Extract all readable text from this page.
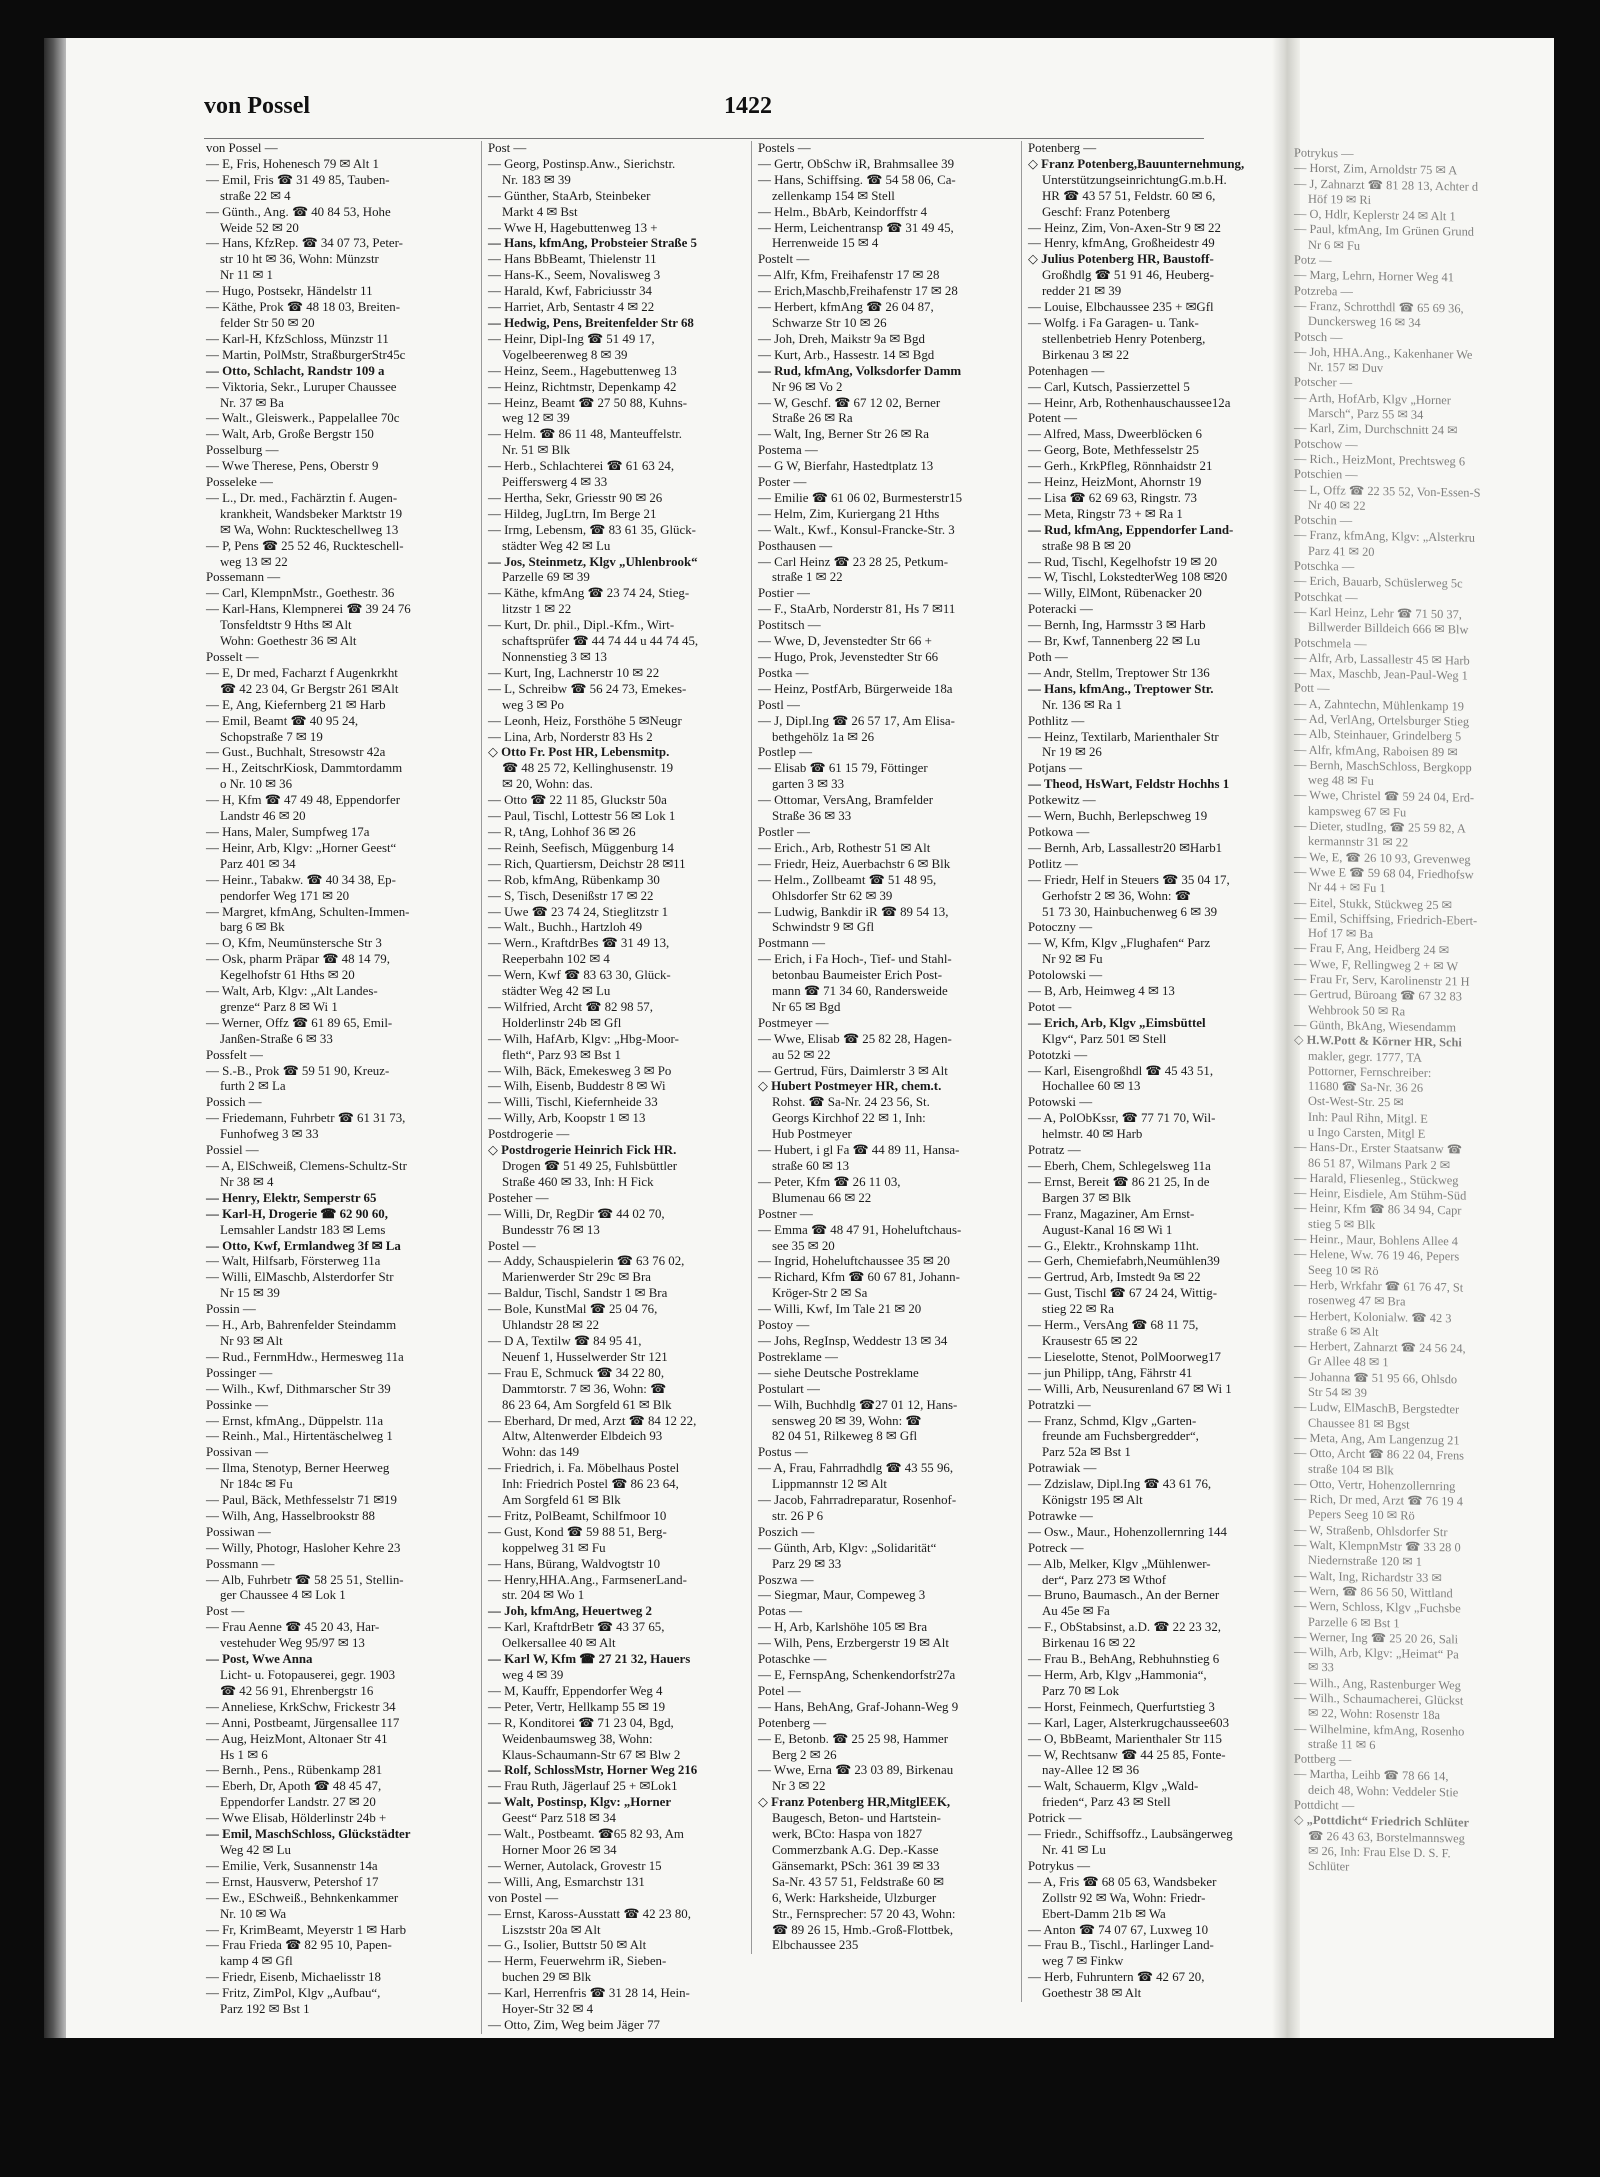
von Possel	1422
von Possel —
— E, Fris, Hohenesch 79 ✉ Alt 1
— Emil, Fris ☎ 31 49 85, Tauben-
straße 22 ✉ 4
— Günth., Ang. ☎ 40 84 53, Hohe
Weide 52 ✉ 20
— Hans, KfzRep. ☎ 34 07 73, Peter-
str 10 ht ✉ 36, Wohn: Münzstr
Nr 11 ✉ 1
— Hugo, Postsekr, Händelstr 11
— Käthe, Prok ☎ 48 18 03, Breiten-
felder Str 50 ✉ 20
— Karl-H, KfzSchloss, Münzstr 11
— Martin, PolMstr, StraßburgerStr45c
— Otto, Schlacht, Randstr 109 a
— Viktoria, Sekr., Luruper Chaussee
Nr. 37 ✉ Ba
— Walt., Gleiswerk., Pappelallee 70c
— Walt, Arb, Große Bergstr 150
Posselburg —
— Wwe Therese, Pens, Oberstr 9
Posseleke —
— L., Dr. med., Fachärztin f. Augen-
krankheit, Wandsbeker Marktstr 19
✉ Wa, Wohn: Ruckteschellweg 13
— P, Pens ☎ 25 52 46, Ruckteschell-
weg 13 ✉ 22
Possemann —
— Carl, KlempnMstr., Goethestr. 36
— Karl-Hans, Klempnerei ☎ 39 24 76
Tonsfeldtstr 9 Hths ✉ Alt
Wohn: Goethestr 36 ✉ Alt
Posselt —
— E, Dr med, Facharzt f Augenkrkht
☎ 42 23 04, Gr Bergstr 261 ✉Alt
— E, Ang, Kiefernberg 21 ✉ Harb
— Emil, Beamt ☎ 40 95 24,
Schopstraße 7 ✉ 19
— Gust., Buchhalt, Stresowstr 42a
— H., ZeitschrKiosk, Dammtordamm
o Nr. 10 ✉ 36
— H, Kfm ☎ 47 49 48, Eppendorfer
Landstr 46 ✉ 20
— Hans, Maler, Sumpfweg 17a
— Heinr, Arb, Klgv: „Horner Geest“
Parz 401 ✉ 34
— Heinr., Tabakw. ☎ 40 34 38, Ep-
pendorfer Weg 171 ✉ 20
— Margret, kfmAng, Schulten-Immen-
barg 6 ✉ Bk
— O, Kfm, Neumünstersche Str 3
— Osk, pharm Präpar ☎ 48 14 79,
Kegelhofstr 61 Hths ✉ 20
— Walt, Arb, Klgv: „Alt Landes-
grenze“ Parz 8 ✉ Wi 1
— Werner, Offz ☎ 61 89 65, Emil-
Janßen-Straße 6 ✉ 33
Possfelt —
— S.-B., Prok ☎ 59 51 90, Kreuz-
furth 2 ✉ La
Possich —
— Friedemann, Fuhrbetr ☎ 61 31 73,
Funhofweg 3 ✉ 33
Possiel —
— A, ElSchweiß, Clemens-Schultz-Str
Nr 38 ✉ 4
— Henry, Elektr, Semperstr 65
— Karl-H, Drogerie ☎ 62 90 60,
Lemsahler Landstr 183 ✉ Lems
— Otto, Kwf, Ermlandweg 3f ✉ La
— Walt, Hilfsarb, Försterweg 11a
— Willi, ElMaschb, Alsterdorfer Str
Nr 15 ✉ 39
Possin —
— H., Arb, Bahrenfelder Steindamm
Nr 93 ✉ Alt
— Rud., FernmHdw., Hermesweg 11a
Possinger —
— Wilh., Kwf, Dithmarscher Str 39
Possinke —
— Ernst, kfmAng., Düppelstr. 11a
— Reinh., Mal., Hirtentäschelweg 1
Possivan —
— Ilma, Stenotyp, Berner Heerweg
Nr 184c ✉ Fu
— Paul, Bäck, Methfesselstr 71 ✉19
— Wilh, Ang, Hasselbrookstr 88
Possiwan —
— Willy, Photogr, Hasloher Kehre 23
Possmann —
— Alb, Fuhrbetr ☎ 58 25 51, Stellin-
ger Chaussee 4 ✉ Lok 1
Post —
— Frau Aenne ☎ 45 20 43, Har-
vestehuder Weg 95/97 ✉ 13
— Post, Wwe Anna
Licht- u. Fotopauserei, gegr. 1903
☎ 42 56 91, Ehrenbergstr 16
— Anneliese, KrkSchw, Frickestr 34
— Anni, Postbeamt, Jürgensallee 117
— Aug, HeizMont, Altonaer Str 41
Hs 1 ✉ 6
— Bernh., Pens., Rübenkamp 281
— Eberh, Dr, Apoth ☎ 48 45 47,
Eppendorfer Landstr. 27 ✉ 20
— Wwe Elisab, Hölderlinstr 24b +
— Emil, MaschSchloss, Glückstädter
Weg 42 ✉ Lu
— Emilie, Verk, Susannenstr 14a
— Ernst, Hausverw, Petershof 17
— Ew., ESchweiß., Behnkenkammer
Nr. 10 ✉ Wa
— Fr, KrimBeamt, Meyerstr 1 ✉ Harb
— Frau Frieda ☎ 82 95 10, Papen-
kamp 4 ✉ Gfl
— Friedr, Eisenb, Michaelisstr 18
— Fritz, ZimPol, Klgv „Aufbau“,
Parz 192 ✉ Bst 1
Post —
— Georg, Postinsp.Anw., Sierichstr.
Nr. 183 ✉ 39
— Günther, StaArb, Steinbeker
Markt 4 ✉ Bst
— Wwe H, Hagebuttenweg 13 +
— Hans, kfmAng, Probsteier Straße 5
— Hans BbBeamt, Thielenstr 11
— Hans-K., Seem, Novalisweg 3
— Harald, Kwf, Fabriciusstr 34
— Harriet, Arb, Sentastr 4 ✉ 22
— Hedwig, Pens, Breitenfelder Str 68
— Heinr, Dipl-Ing ☎ 51 49 17,
Vogelbeerenweg 8 ✉ 39
— Heinz, Seem., Hagebuttenweg 13
— Heinz, Richtmstr, Depenkamp 42
— Heinz, Beamt ☎ 27 50 88, Kuhns-
weg 12 ✉ 39
— Helm. ☎ 86 11 48, Manteuffelstr.
Nr. 51 ✉ Blk
— Herb., Schlachterei ☎ 61 63 24,
Peifferswerg 4 ✉ 33
— Hertha, Sekr, Griesstr 90 ✉ 26
— Hildeg, JugLtrn, Im Berge 21
— Irmg, Lebensm, ☎ 83 61 35, Glück-
städter Weg 42 ✉ Lu
— Jos, Steinmetz, Klgv „Uhlenbrook“
Parzelle 69 ✉ 39
— Käthe, kfmAng ☎ 23 74 24, Stieg-
litzstr 1 ✉ 22
— Kurt, Dr. phil., Dipl.-Kfm., Wirt-
schaftsprüfer ☎ 44 74 44 u 44 74 45,
Nonnenstieg 3 ✉ 13
— Kurt, Ing, Lachnerstr 10 ✉ 22
— L, Schreibw ☎ 56 24 73, Emekes-
weg 3 ✉ Po
— Leonh, Heiz, Forsthöhe 5 ✉Neugr
— Lina, Arb, Norderstr 83 Hs 2
◇ Otto Fr. Post HR, Lebensmitp.
☎ 48 25 72, Kellinghusenstr. 19
✉ 20, Wohn: das.
— Otto ☎ 22 11 85, Gluckstr 50a
— Paul, Tischl, Lottestr 56 ✉ Lok 1
— R, tAng, Lohhof 36 ✉ 26
— Reinh, Seefisch, Müggenburg 14
— Rich, Quartiersm, Deichstr 28 ✉11
— Rob, kfmAng, Rübenkamp 30
— S, Tisch, Desenißstr 17 ✉ 22
— Uwe ☎ 23 74 24, Stieglitzstr 1
— Walt., Buchh., Hartzloh 49
— Wern., KraftdrBes ☎ 31 49 13,
Reeperbahn 102 ✉ 4
— Wern, Kwf ☎ 83 63 30, Glück-
städter Weg 42 ✉ Lu
— Wilfried, Archt ☎ 82 98 57,
Holderlinstr 24b ✉ Gfl
— Wilh, HafArb, Klgv: „Hbg-Moor-
fleth“, Parz 93 ✉ Bst 1
— Wilh, Bäck, Emekesweg 3 ✉ Po
— Wilh, Eisenb, Buddestr 8 ✉ Wi
— Willi, Tischl, Kiefernheide 33
— Willy, Arb, Koopstr 1 ✉ 13
Postdrogerie —
◇ Postdrogerie Heinrich Fick HR.
Drogen ☎ 51 49 25, Fuhlsbüttler
Straße 460 ✉ 33, Inh: H Fick
Posteher —
— Willi, Dr, RegDir ☎ 44 02 70,
Bundesstr 76 ✉ 13
Postel —
— Addy, Schauspielerin ☎ 63 76 02,
Marienwerder Str 29c ✉ Bra
— Baldur, Tischl, Sandstr 1 ✉ Bra
— Bole, KunstMal ☎ 25 04 76,
Uhlandstr 28 ✉ 22
— D A, Textilw ☎ 84 95 41,
Neuenf 1, Husselwerder Str 121
— Frau E, Schmuck ☎ 34 22 80,
Dammtorstr. 7 ✉ 36, Wohn: ☎
86 23 64, Am Sorgfeld 61 ✉ Blk
— Eberhard, Dr med, Arzt ☎ 84 12 22,
Altw, Altenwerder Elbdeich 93
Wohn: das 149
— Friedrich, i. Fa. Möbelhaus Postel
Inh: Friedrich Postel ☎ 86 23 64,
Am Sorgfeld 61 ✉ Blk
— Fritz, PolBeamt, Schilfmoor 10
— Gust, Kond ☎ 59 88 51, Berg-
koppelweg 31 ✉ Fu
— Hans, Bürang, Waldvogtstr 10
— Henry,HHA.Ang., FarmsenerLand-
str. 204 ✉ Wo 1
— Joh, kfmAng, Heuertweg 2
— Karl, KraftdrBetr ☎ 43 37 65,
Oelkersallee 40 ✉ Alt
— Karl W, Kfm ☎ 27 21 32, Hauers
weg 4 ✉ 39
— M, Kauffr, Eppendorfer Weg 4
— Peter, Vertr, Hellkamp 55 ✉ 19
— R, Konditorei ☎ 71 23 04, Bgd,
Weidenbaumsweg 38, Wohn:
Klaus-Schaumann-Str 67 ✉ Blw 2
— Rolf, SchlossMstr, Horner Weg 216
— Frau Ruth, Jägerlauf 25 + ✉Lok1
— Walt, Postinsp, Klgv: „Horner
Geest“ Parz 518 ✉ 34
— Walt., Postbeamt. ☎65 82 93, Am
Horner Moor 26 ✉ 34
— Werner, Autolack, Grovestr 15
— Willi, Ang, Esmarchstr 131
von Postel —
— Ernst, Kaross-Ausstatt ☎ 42 23 80,
Liszststr 20a ✉ Alt
— G., Isolier, Buttstr 50 ✉ Alt
— Herm, Feuerwehrm iR, Sieben-
buchen 29 ✉ Blk
— Karl, Herrenfris ☎ 31 28 14, Hein-
Hoyer-Str 32 ✉ 4
— Otto, Zim, Weg beim Jäger 77
Postels —
— Gertr, ObSchw iR, Brahmsallee 39
— Hans, Schiffsing. ☎ 54 58 06, Ca-
zellenkamp 154 ✉ Stell
— Helm., BbArb, Keindorffstr 4
— Herm, Leichentransp ☎ 31 49 45,
Herrenweide 15 ✉ 4
Postelt —
— Alfr, Kfm, Freihafenstr 17 ✉ 28
— Erich,Maschb,Freihafenstr 17 ✉ 28
— Herbert, kfmAng ☎ 26 04 87,
Schwarze Str 10 ✉ 26
— Joh, Dreh, Maikstr 9a ✉ Bgd
— Kurt, Arb., Hassestr. 14 ✉ Bgd
— Rud, kfmAng, Volksdorfer Damm
Nr 96 ✉ Vo 2
— W, Geschf. ☎ 67 12 02, Berner
Straße 26 ✉ Ra
— Walt, Ing, Berner Str 26 ✉ Ra
Postema —
— G W, Bierfahr, Hastedtplatz 13
Poster —
— Emilie ☎ 61 06 02, Burmesterstr15
— Helm, Zim, Kuriergang 21 Hths
— Walt., Kwf., Konsul-Francke-Str. 3
Posthausen —
— Carl Heinz ☎ 23 28 25, Petkum-
straße 1 ✉ 22
Postier —
— F., StaArb, Norderstr 81, Hs 7 ✉11
Postitsch —
— Wwe, D, Jevenstedter Str 66 +
— Hugo, Prok, Jevenstedter Str 66
Postka —
— Heinz, PostfArb, Bürgerweide 18a
Postl —
— J, Dipl.Ing ☎ 26 57 17, Am Elisa-
bethgehölz 1a ✉ 26
Postlep —
— Elisab ☎ 61 15 79, Föttinger
garten 3 ✉ 33
— Ottomar, VersAng, Bramfelder
Straße 36 ✉ 33
Postler —
— Erich., Arb, Rothestr 51 ✉ Alt
— Friedr, Heiz, Auerbachstr 6 ✉ Blk
— Helm., Zollbeamt ☎ 51 48 95,
Ohlsdorfer Str 62 ✉ 39
— Ludwig, Bankdir iR ☎ 89 54 13,
Schwindstr 9 ✉ Gfl
Postmann —
— Erich, i Fa Hoch-, Tief- und Stahl-
betonbau Baumeister Erich Post-
mann ☎ 71 34 60, Randersweide
Nr 65 ✉ Bgd
Postmeyer —
— Wwe, Elisab ☎ 25 82 28, Hagen-
au 52 ✉ 22
— Gertrud, Fürs, Daimlerstr 3 ✉ Alt
◇ Hubert Postmeyer HR, chem.t.
Rohst. ☎ Sa-Nr. 24 23 56, St.
Georgs Kirchhof 22 ✉ 1, Inh:
Hub Postmeyer
— Hubert, i gl Fa ☎ 44 89 11, Hansa-
straße 60 ✉ 13
— Peter, Kfm ☎ 26 11 03,
Blumenau 66 ✉ 22
Postner —
— Emma ☎ 48 47 91, Hoheluftchaus-
see 35 ✉ 20
— Ingrid, Hoheluftchaussee 35 ✉ 20
— Richard, Kfm ☎ 60 67 81, Johann-
Kröger-Str 2 ✉ Sa
— Willi, Kwf, Im Tale 21 ✉ 20
Postoy —
— Johs, RegInsp, Weddestr 13 ✉ 34
Postreklame —
— siehe Deutsche Postreklame
Postulart —
— Wilh, Buchhdlg ☎27 01 12, Hans-
sensweg 20 ✉ 39, Wohn: ☎
82 04 51, Rilkeweg 8 ✉ Gfl
Postus —
— A, Frau, Fahrradhdlg ☎ 43 55 96,
Lippmannstr 12 ✉ Alt
— Jacob, Fahrradreparatur, Rosenhof-
str. 26 P 6
Poszich —
— Günth, Arb, Klgv: „Solidarität“
Parz 29 ✉ 33
Poszwa —
— Siegmar, Maur, Compeweg 3
Potas —
— H, Arb, Karlshöhe 105 ✉ Bra
— Wilh, Pens, Erzbergerstr 19 ✉ Alt
Potaschke —
— E, FernspAng, Schenkendorfstr27a
Potel —
— Hans, BehAng, Graf-Johann-Weg 9
Potenberg —
— E, Betonb. ☎ 25 25 98, Hammer
Berg 2 ✉ 26
— Wwe, Erna ☎ 23 03 89, Birkenau
Nr 3 ✉ 22
◇ Franz Potenberg HR,MitglEEK,
Baugesch, Beton- und Hartstein-
werk, BCto: Haspa von 1827
Commerzbank A.G. Dep.-Kasse
Gänsemarkt, PSch: 361 39 ✉ 33
Sa-Nr. 43 57 51, Feldstraße 60 ✉
6, Werk: Harksheide, Ulzburger
Str., Fernsprecher: 57 20 43, Wohn:
☎ 89 26 15, Hmb.-Groß-Flottbek,
Elbchaussee 235
Potenberg —
◇ Franz Potenberg,Bauunternehmung,
UnterstützungseinrichtungG.m.b.H.
HR ☎ 43 57 51, Feldstr. 60 ✉ 6,
Geschf: Franz Potenberg
— Heinz, Zim, Von-Axen-Str 9 ✉ 22
— Henry, kfmAng, Großheidestr 49
◇ Julius Potenberg HR, Baustoff-
Großhdlg ☎ 51 91 46, Heuberg-
redder 21 ✉ 39
— Louise, Elbchaussee 235 + ✉Gfl
— Wolfg. i Fa Garagen- u. Tank-
stellenbetrieb Henry Potenberg,
Birkenau 3 ✉ 22
Potenhagen —
— Carl, Kutsch, Passierzettel 5
— Heinr, Arb, Rothenhauschaussee12a
Potent —
— Alfred, Mass, Dweerblöcken 6
— Georg, Bote, Methfesselstr 25
— Gerh., KrkPfleg, Rönnhaidstr 21
— Heinz, HeizMont, Ahornstr 19
— Lisa ☎ 62 69 63, Ringstr. 73
— Meta, Ringstr 73 + ✉ Ra 1
— Rud, kfmAng, Eppendorfer Land-
straße 98 B ✉ 20
— Rud, Tischl, Kegelhofstr 19 ✉ 20
— W, Tischl, LokstedterWeg 108 ✉20
— Willy, ElMont, Rübenacker 20
Poteracki —
— Bernh, Ing, Harmsstr 3 ✉ Harb
— Br, Kwf, Tannenberg 22 ✉ Lu
Poth —
— Andr, Stellm, Treptower Str 136
— Hans, kfmAng., Treptower Str.
Nr. 136 ✉ Ra 1
Pothlitz —
— Heinz, Textilarb, Marienthaler Str
Nr 19 ✉ 26
Potjans —
— Theod, HsWart, Feldstr Hochhs 1
Potkewitz —
— Wern, Buchh, Berlepschweg 19
Potkowa —
— Bernh, Arb, Lassallestr20 ✉Harb1
Potlitz —
— Friedr, Helf in Steuers ☎ 35 04 17,
Gerhofstr 2 ✉ 36, Wohn: ☎
51 73 30, Hainbuchenweg 6 ✉ 39
Potoczny —
— W, Kfm, Klgv „Flughafen“ Parz
Nr 92 ✉ Fu
Potolowski —
— B, Arb, Heimweg 4 ✉ 13
Potot —
— Erich, Arb, Klgv „Eimsbüttel
Klgv“, Parz 501 ✉ Stell
Pototzki —
— Karl, Eisengroßhdl ☎ 45 43 51,
Hochallee 60 ✉ 13
Potowski —
— A, PolObKssr, ☎ 77 71 70, Wil-
helmstr. 40 ✉ Harb
Potratz —
— Eberh, Chem, Schlegelsweg 11a
— Ernst, Bereit ☎ 86 21 25, In de
Bargen 37 ✉ Blk
— Franz, Magaziner, Am Ernst-
August-Kanal 16 ✉ Wi 1
— G., Elektr., Krohnskamp 11ht.
— Gerh, Chemiefabrh,Neumühlen39
— Gertrud, Arb, Imstedt 9a ✉ 22
— Gust, Tischl ☎ 67 24 24, Wittig-
stieg 22 ✉ Ra
— Herm., VersAng ☎ 68 11 75,
Krausestr 65 ✉ 22
— Lieselotte, Stenot, PolMoorweg17
— jun Philipp, tAng, Fährstr 41
— Willi, Arb, Neusurenland 67 ✉ Wi 1
Potratzki —
— Franz, Schmd, Klgv „Garten-
freunde am Fuchsbergredder“,
Parz 52a ✉ Bst 1
Potrawiak —
— Zdzislaw, Dipl.Ing ☎ 43 61 76,
Königstr 195 ✉ Alt
Potrawke —
— Osw., Maur., Hohenzollernring 144
Potreck —
— Alb, Melker, Klgv „Mühlenwer-
der“, Parz 273 ✉ Wthof
— Bruno, Baumasch., An der Berner
Au 45e ✉ Fa
— F., ObStabsinst, a.D. ☎ 22 23 32,
Birkenau 16 ✉ 22
— Frau B., BehAng, Rebhuhnstieg 6
— Herm, Arb, Klgv „Hammonia“,
Parz 70 ✉ Lok
— Horst, Feinmech, Querfurtstieg 3
— Karl, Lager, Alsterkrugchaussee603
— O, BbBeamt, Marienthaler Str 115
— W, Rechtsanw ☎ 44 25 85, Fonte-
nay-Allee 12 ✉ 36
— Walt, Schauerm, Klgv „Wald-
frieden“, Parz 43 ✉ Stell
Potrick —
— Friedr., Schiffsoffz., Laubsängerweg
Nr. 41 ✉ Lu
Potrykus —
— A, Fris ☎ 68 05 63, Wandsbeker
Zollstr 92 ✉ Wa, Wohn: Friedr-
Ebert-Damm 21b ✉ Wa
— Anton ☎ 74 07 67, Luxweg 10
— Frau B., Tischl., Harlinger Land-
weg 7 ✉ Finkw
— Herb, Fuhruntern ☎ 42 67 20,
Goethestr 38 ✉ Alt
Potrykus —
— Horst, Zim, Arnoldstr 75 ✉ A
— J, Zahnarzt ☎ 81 28 13, Achter d
Höf 19 ✉ Ri
— O, Hdlr, Keplerstr 24 ✉ Alt 1
— Paul, kfmAng, Im Grünen Grund
Nr 6 ✉ Fu
Potz —
— Marg, Lehrn, Horner Weg 41
Potzreba —
— Franz, Schrotthdl ☎ 65 69 36,
Dunckersweg 16 ✉ 34
Potsch —
— Joh, HHA.Ang., Kakenhaner We
Nr. 157 ✉ Duv
Potscher —
— Arth, HofArb, Klgv „Horner
Marsch“, Parz 55 ✉ 34
— Karl, Zim, Durchschnitt 24 ✉
Potschow —
— Rich., HeizMont, Prechtsweg 6
Potschien —
— L, Offz ☎ 22 35 52, Von-Essen-S
Nr 40 ✉ 22
Potschin —
— Franz, kfmAng, Klgv: „Alsterkru
Parz 41 ✉ 20
Potschka —
— Erich, Bauarb, Schüslerweg 5c
Potschkat —
— Karl Heinz, Lehr ☎ 71 50 37,
Billwerder Billdeich 666 ✉ Blw
Potschmela —
— Alfr, Arb, Lassallestr 45 ✉ Harb
— Max, Maschb, Jean-Paul-Weg 1
Pott —
— A, Zahntechn, Mühlenkamp 19
— Ad, VerlAng, Ortelsburger Stieg
— Alb, Steinhauer, Grindelberg 5
— Alfr, kfmAng, Raboisen 89 ✉
— Bernh, MaschSchloss, Bergkopp
weg 48 ✉ Fu
— Wwe, Christel ☎ 59 24 04, Erd-
kampsweg 67 ✉ Fu
— Dieter, studIng, ☎ 25 59 82, A
kermannstr 31 ✉ 22
— We, E, ☎ 26 10 93, Grevenweg
— Wwe E ☎ 59 68 04, Friedhofsw
Nr 44 + ✉ Fu 1
— Eitel, Stukk, Stückweg 25 ✉
— Emil, Schiffsing, Friedrich-Ebert-
Hof 17 ✉ Ba
— Frau F, Ang, Heidberg 24 ✉
— Wwe, F, Rellingweg 2 + ✉ W
— Frau Fr, Serv, Karolinenstr 21 H
— Gertrud, Büroang ☎ 67 32 83
Wehbrook 50 ✉ Ra
— Günth, BkAng, Wiesendamm
◇ H.W.Pott & Körner HR, Schi
makler, gegr. 1777, TA
Pottorner, Fernschreiber:
11680 ☎ Sa-Nr. 36 26
Ost-West-Str. 25 ✉
Inh: Paul Rihn, Mitgl. E
u Ingo Carsten, Mitgl E
— Hans-Dr., Erster Staatsanw ☎
86 51 87, Wilmans Park 2 ✉
— Harald, Fliesenleg., Stückweg
— Heinr, Eisdiele, Am Stühm-Süd
— Heinr, Kfm ☎ 86 34 94, Capr
stieg 5 ✉ Blk
— Heinr., Maur, Bohlens Allee 4
— Helene, Ww. 76 19 46, Pepers
Seeg 10 ✉ Rö
— Herb, Wrkfahr ☎ 61 76 47, St
rosenweg 47 ✉ Bra
— Herbert, Kolonialw. ☎ 42 3
straße 6 ✉ Alt
— Herbert, Zahnarzt ☎ 24 56 24,
Gr Allee 48 ✉ 1
— Johanna ☎ 51 95 66, Ohlsdo
Str 54 ✉ 39
— Ludw, ElMaschB, Bergstedter
Chaussee 81 ✉ Bgst
— Meta, Ang, Am Langenzug 21
— Otto, Archt ☎ 86 22 04, Frens
straße 104 ✉ Blk
— Otto, Vertr, Hohenzollernring
— Rich, Dr med, Arzt ☎ 76 19 4
Pepers Seeg 10 ✉ Rö
— W, Straßenb, Ohlsdorfer Str
— Walt, KlempnMstr ☎ 33 28 0
Niedernstraße 120 ✉ 1
— Walt, Ing, Richardstr 33 ✉
— Wern, ☎ 86 56 50, Wittland
— Wern, Schloss, Klgv „Fuchsbe
Parzelle 6 ✉ Bst 1
— Werner, Ing ☎ 25 20 26, Sali
— Wilh, Arb, Klgv: „Heimat“ Pa
✉ 33
— Wilh., Ang, Rastenburger Weg
— Wilh., Schaumacherei, Glückst
✉ 22, Wohn: Rosenstr 18a
— Wilhelmine, kfmAng, Rosenho
straße 11 ✉ 6
Pottberg —
— Martha, Leihb ☎ 78 66 14,
deich 48, Wohn: Veddeler Stie
Pottdicht —
◇ „Pottdicht“ Friedrich Schlüter
☎ 26 43 63, Borstelmannsweg
✉ 26, Inh: Frau Else D. S. F.
Schlüter
